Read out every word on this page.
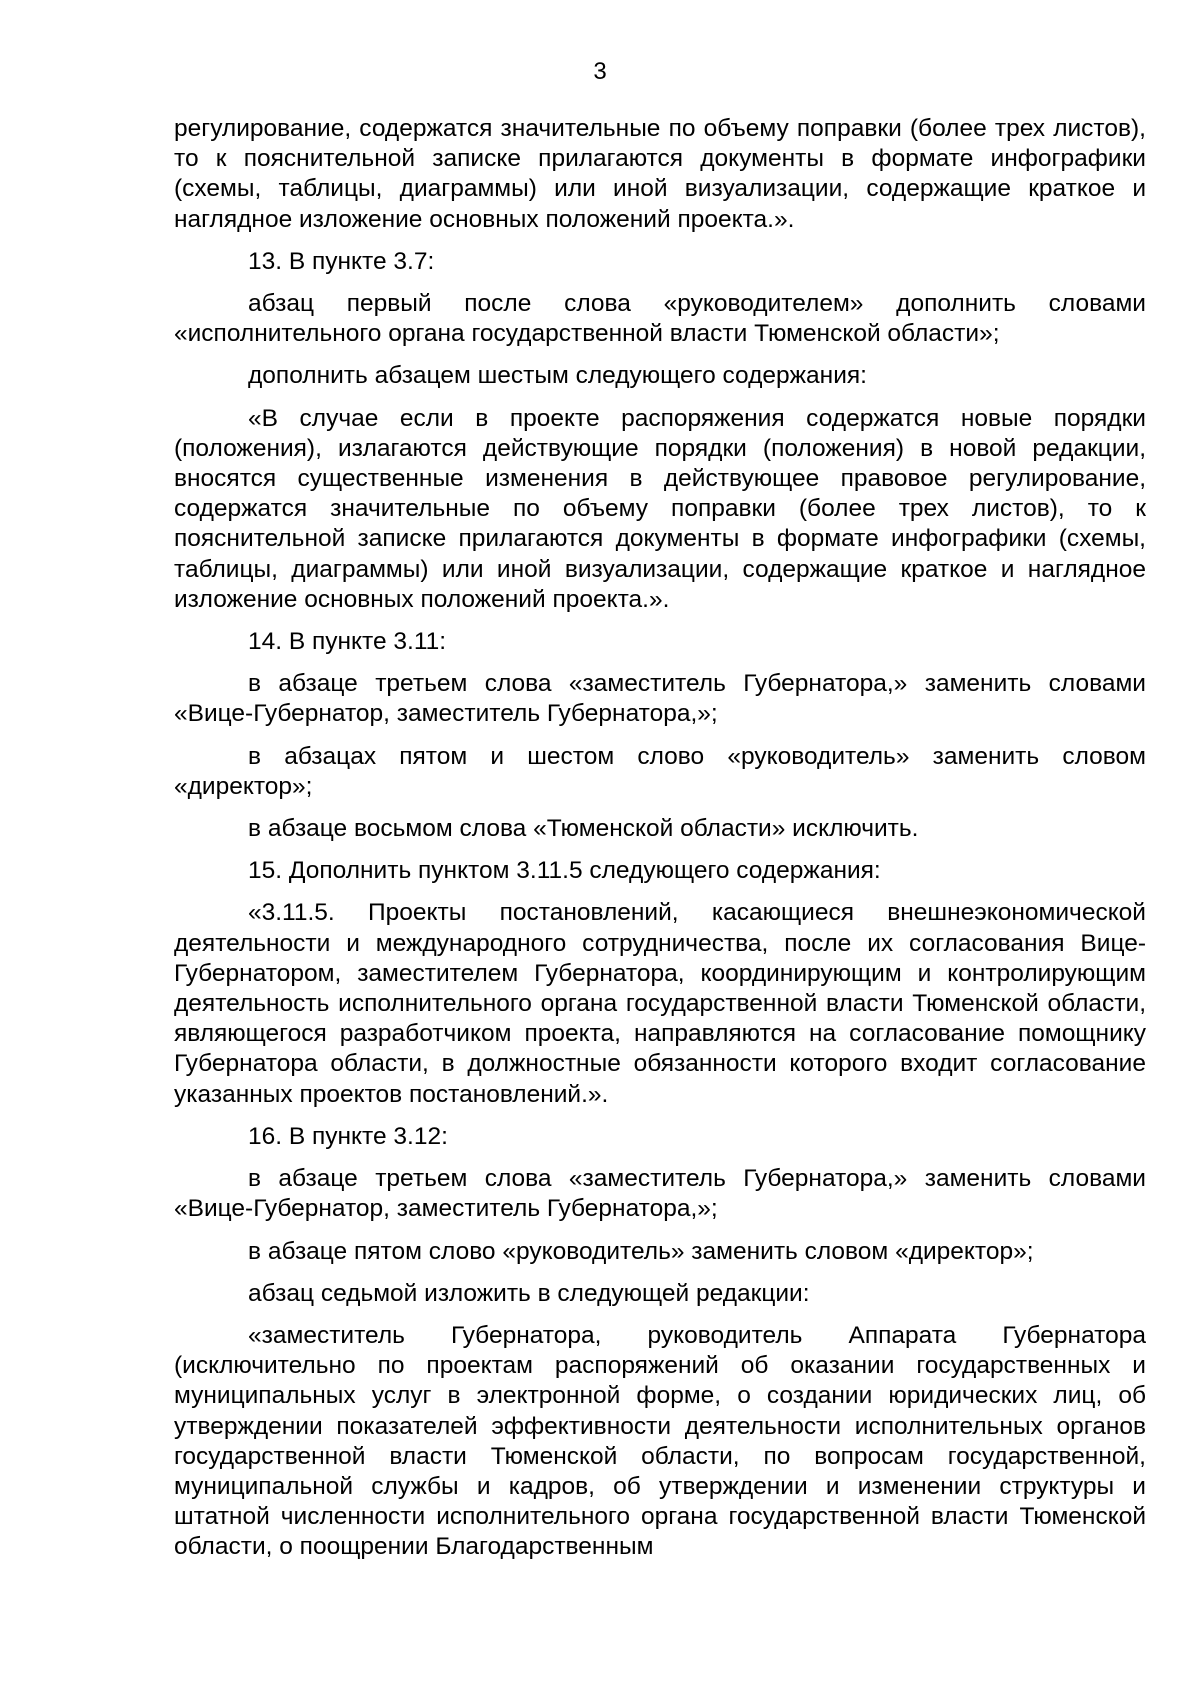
3

регулирование, содержатся значительные по объему поправки (более трех листов), то к пояснительной записке прилагаются документы в формате инфографики (схемы, таблицы, диаграммы) или иной визуализации, содержащие краткое и наглядное изложение основных положений проекта.».

13. В пункте 3.7:

абзац первый после слова «руководителем» дополнить словами «исполнительного органа государственной власти Тюменской области»;

дополнить абзацем шестым следующего содержания:

«В случае если в проекте распоряжения содержатся новые порядки (положения), излагаются действующие порядки (положения) в новой редакции, вносятся существенные изменения в действующее правовое регулирование, содержатся значительные по объему поправки (более трех листов), то к пояснительной записке прилагаются документы в формате инфографики (схемы, таблицы, диаграммы) или иной визуализации, содержащие краткое и наглядное изложение основных положений проекта.».

14. В пункте 3.11:

в абзаце третьем слова «заместитель Губернатора,» заменить словами «Вице-Губернатор, заместитель Губернатора,»;

в абзацах пятом и шестом слово «руководитель» заменить словом «директор»;

в абзаце восьмом слова «Тюменской области» исключить.

15. Дополнить пунктом 3.11.5 следующего содержания:

«3.11.5. Проекты постановлений, касающиеся внешнеэкономической деятельности и международного сотрудничества, после их согласования Вице-Губернатором, заместителем Губернатора, координирующим и контролирующим деятельность исполнительного органа государственной власти Тюменской области, являющегося разработчиком проекта, направляются на согласование помощнику Губернатора области, в должностные обязанности которого входит согласование указанных проектов постановлений.».

16. В пункте 3.12:

в абзаце третьем слова «заместитель Губернатора,» заменить словами «Вице-Губернатор, заместитель Губернатора,»;

в абзаце пятом слово «руководитель» заменить словом «директор»;

абзац седьмой изложить в следующей редакции:

«заместитель Губернатора, руководитель Аппарата Губернатора (исключительно по проектам распоряжений об оказании государственных и муниципальных услуг в электронной форме, о создании юридических лиц, об утверждении показателей эффективности деятельности исполнительных органов государственной власти Тюменской области, по вопросам государственной, муниципальной службы и кадров, об утверждении и изменении структуры и штатной численности исполнительного органа государственной власти Тюменской области, о поощрении Благодарственным
